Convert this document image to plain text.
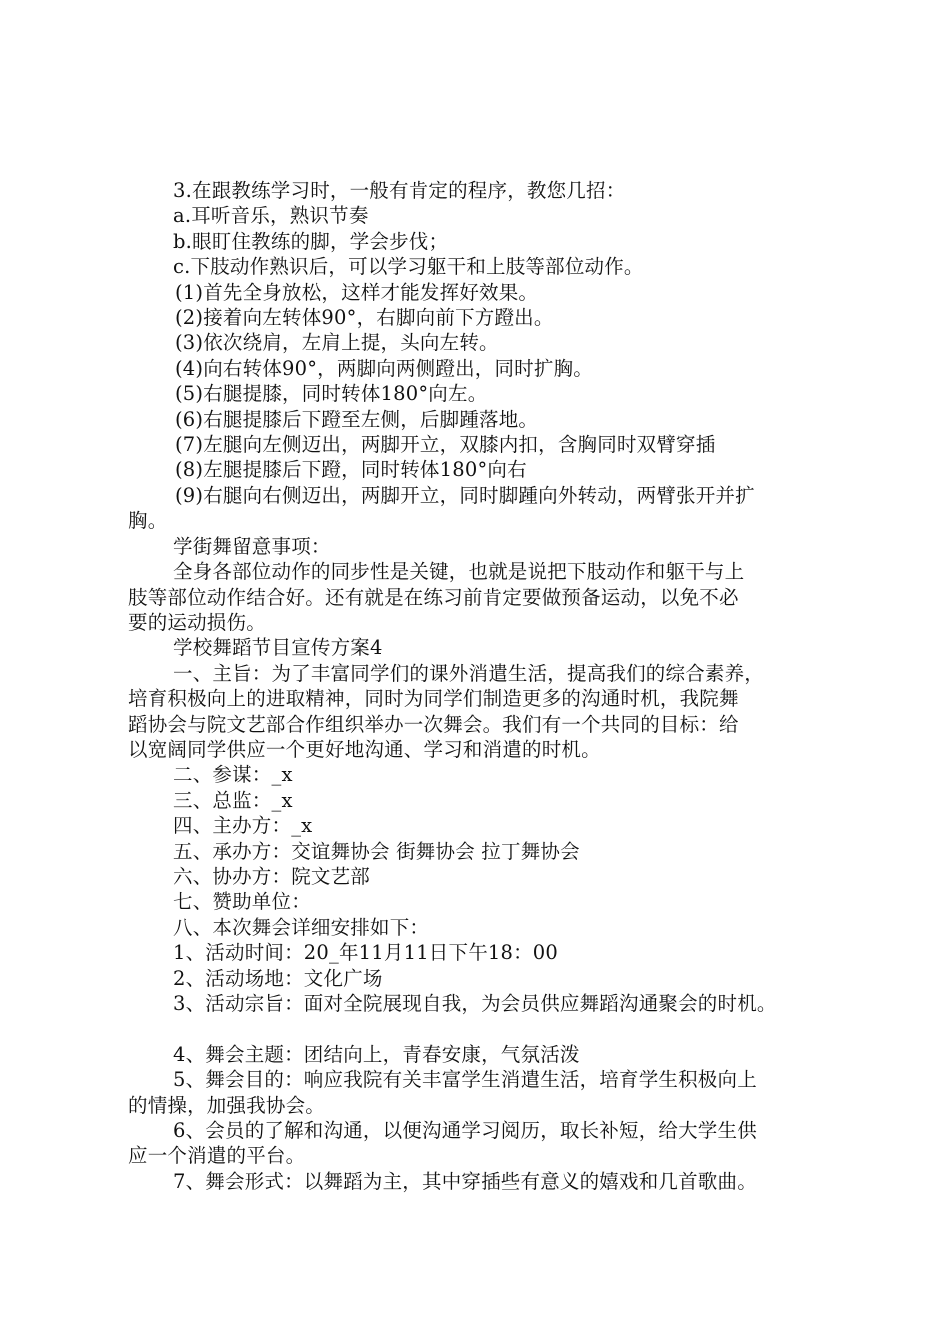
3.在跟教练学习时，一般有肯定的程序，教您几招：
a.耳听音乐，熟识节奏
b.眼盯住教练的脚，学会步伐；
c.下肢动作熟识后，可以学习躯干和上肢等部位动作。
(1)首先全身放松，这样才能发挥好效果。
(2)接着向左转体90°，右脚向前下方蹬出。
(3)依次绕肩，左肩上提，头向左转。
(4)向右转体90°，两脚向两侧蹬出，同时扩胸。
(5)右腿提膝，同时转体180°向左。
(6)右腿提膝后下蹬至左侧，后脚踵落地。
(7)左腿向左侧迈出，两脚开立，双膝内扣，含胸同时双臂穿插
(8)左腿提膝后下蹬，同时转体180°向右
(9)右腿向右侧迈出，两脚开立，同时脚踵向外转动，两臂张开并扩
胸。
学街舞留意事项：
全身各部位动作的同步性是关键，也就是说把下肢动作和躯干与上
肢等部位动作结合好。还有就是在练习前肯定要做预备运动，以免不必
要的运动损伤。
学校舞蹈节目宣传方案4
一、主旨：为了丰富同学们的课外消遣生活，提高我们的综合素养，
培育积极向上的进取精神，同时为同学们制造更多的沟通时机，我院舞
蹈协会与院文艺部合作组织举办一次舞会。我们有一个共同的目标：给
以宽阔同学供应一个更好地沟通、学习和消遣的时机。
二、参谋：_x
三、总监：_x
四、主办方：_x
五、承办方：交谊舞协会 街舞协会 拉丁舞协会
六、协办方：院文艺部
七、赞助单位：
八、本次舞会详细安排如下：
1、活动时间：20_年11月11日下午18：00
2、活动场地：文化广场
3、活动宗旨：面对全院展现自我，为会员供应舞蹈沟通聚会的时机。
4、舞会主题：团结向上，青春安康，气氛活泼
5、舞会目的：响应我院有关丰富学生消遣生活，培育学生积极向上
的情操，加强我协会。
6、会员的了解和沟通，以便沟通学习阅历，取长补短，给大学生供
应一个消遣的平台。
7、舞会形式：以舞蹈为主，其中穿插些有意义的嬉戏和几首歌曲。
